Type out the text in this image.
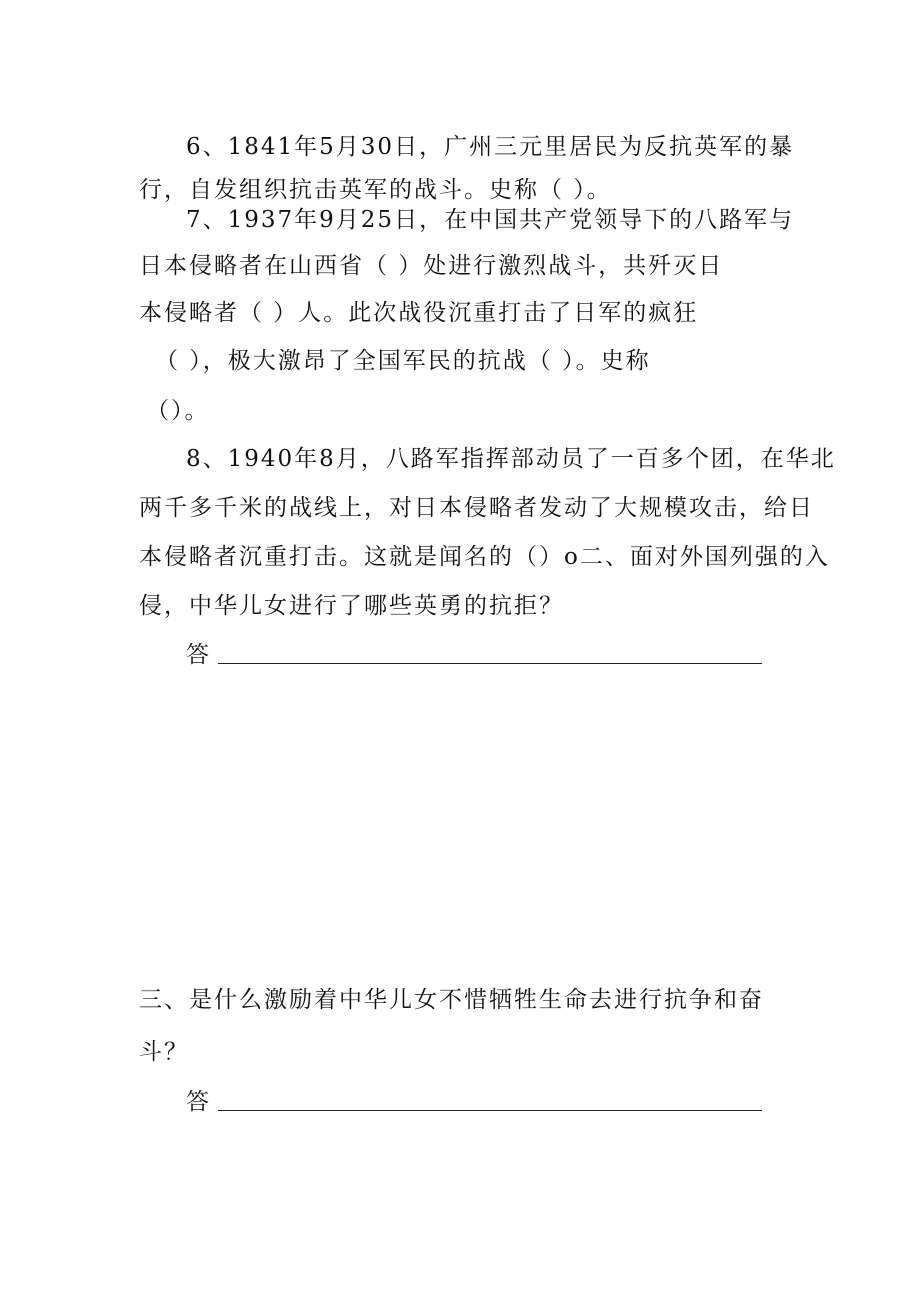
6、1841年5月30日，广州三元里居民为反抗英军的暴
行，自发组织抗击英军的战斗。史称（ ）。
7、1937年9月25日，在中国共产党领导下的八路军与
日本侵略者在山西省（ ）处进行激烈战斗，共歼灭日
本侵略者（ ）人。此次战役沉重打击了日军的疯狂
（ ），极大激昂了全国军民的抗战（ ）。史称
（）。
8、1940年8月，八路军指挥部动员了一百多个团，在华北
两千多千米的战线上，对日本侵略者发动了大规模攻击，给日
本侵略者沉重打击。这就是闻名的（）o二、面对外国列强的入
侵，中华儿女进行了哪些英勇的抗拒？
答
三、是什么激励着中华儿女不惜牺牲生命去进行抗争和奋
斗？
答
